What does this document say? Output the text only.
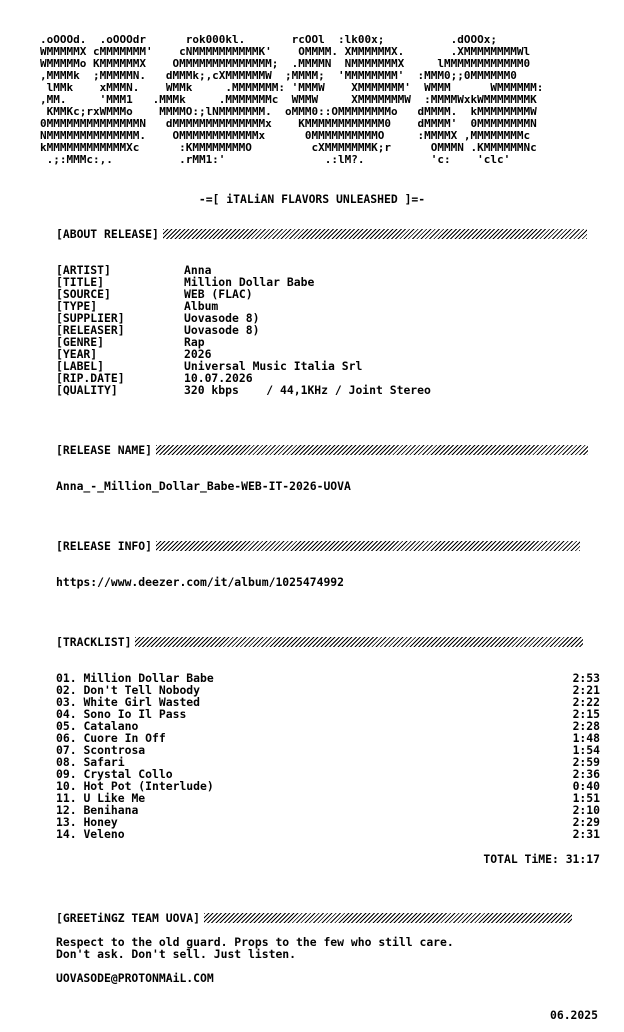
.oOOOd.  .oOOOdr      rok000kl.       rcOOl  :lk00x;          .dOOOx;
WMMMMMX cMMMMMMM'    cNMMMMMMMMMMK'    OMMMM. XMMMMMMX.       .XMMMMMMMMWl
WMMMMMo KMMMMMMX    OMMMMMMMMMMMMMM;  .MMMMN  NMMMMMMMX     lMMMMMMMMMMMM0
,MMMMk  ;MMMMMN.   dMMMk;,cXMMMMMMW  ;MMMM;  'MMMMMMMM'  :MMM0;;0MMMMMM0
lMMk    xMMMN.    WMMk     .MMMMMMM: 'MMMW    XMMMMMMM'  WMMM      WMMMMMM:
,MM.     'MMM1   .MMMk     .MMMMMMMc  WMMW     XMMMMMMMW  :MMMMWxkWMMMMMMMK
KMMKc;rxWMMMo    MMMMO:;lNMMMMMMM.  oMMM0::OMMMMMMMMo   dMMMM.  kMMMMMMMMW
0MMMMMMMMMMMMMMN   dMMMMMMMMMMMMMMx    KMMMMMMMMMMMM0    dMMMM'  0MMMMMMMMN
NMMMMMMMMMMMMMM.    OMMMMMMMMMMMMx      0MMMMMMMMMMO     :MMMMX ,MMMMMMMMc
kMMMMMMMMMMMMXc      :KMMMMMMMMO         cXMMMMMMMK;r      OMMMN .KMMMMMMNc
.;:MMMc:,.          .rMM1:'               .:lM?.          'c:    'clc'
-=[ iTALiAN FLAVORS UNLEASHED ]=-
[ABOUT RELEASE]
[ARTIST]	Anna
[TITLE]	Million Dollar Babe
[SOURCE]	WEB (FLAC)
[TYPE]	Album
[SUPPLIER]	Uovasode 8)
[RELEASER]	Uovasode 8)
[GENRE]	Rap
[YEAR]	2026
[LABEL]	Universal Music Italia Srl
[RIP.DATE]	10.07.2026
[QUALITY]	320 kbps    / 44,1KHz / Joint Stereo
[RELEASE NAME]
Anna_-_Million_Dollar_Babe-WEB-IT-2026-UOVA
[RELEASE INFO]
https://www.deezer.com/it/album/1025474992
[TRACKLIST]
01. Million Dollar Babe	2:53
02. Don't Tell Nobody	2:21
03. White Girl Wasted	2:22
04. Sono Io Il Pass	2:15
05. Catalano	2:28
06. Cuore In Off	1:48
07. Scontrosa	1:54
08. Safari	2:59
09. Crystal Collo	2:36
10. Hot Pot (Interlude)	0:40
11. U Like Me	1:51
12. Benihana	2:10
13. Honey	2:29
14. Veleno	2:31
TOTAL TiME: 31:17
[GREETiNGZ TEAM UOVA]
Respect to the old guard. Props to the few who still care.
Don't ask. Don't sell. Just listen.
UOVASODE@PROTONMAiL.COM
06.2025
